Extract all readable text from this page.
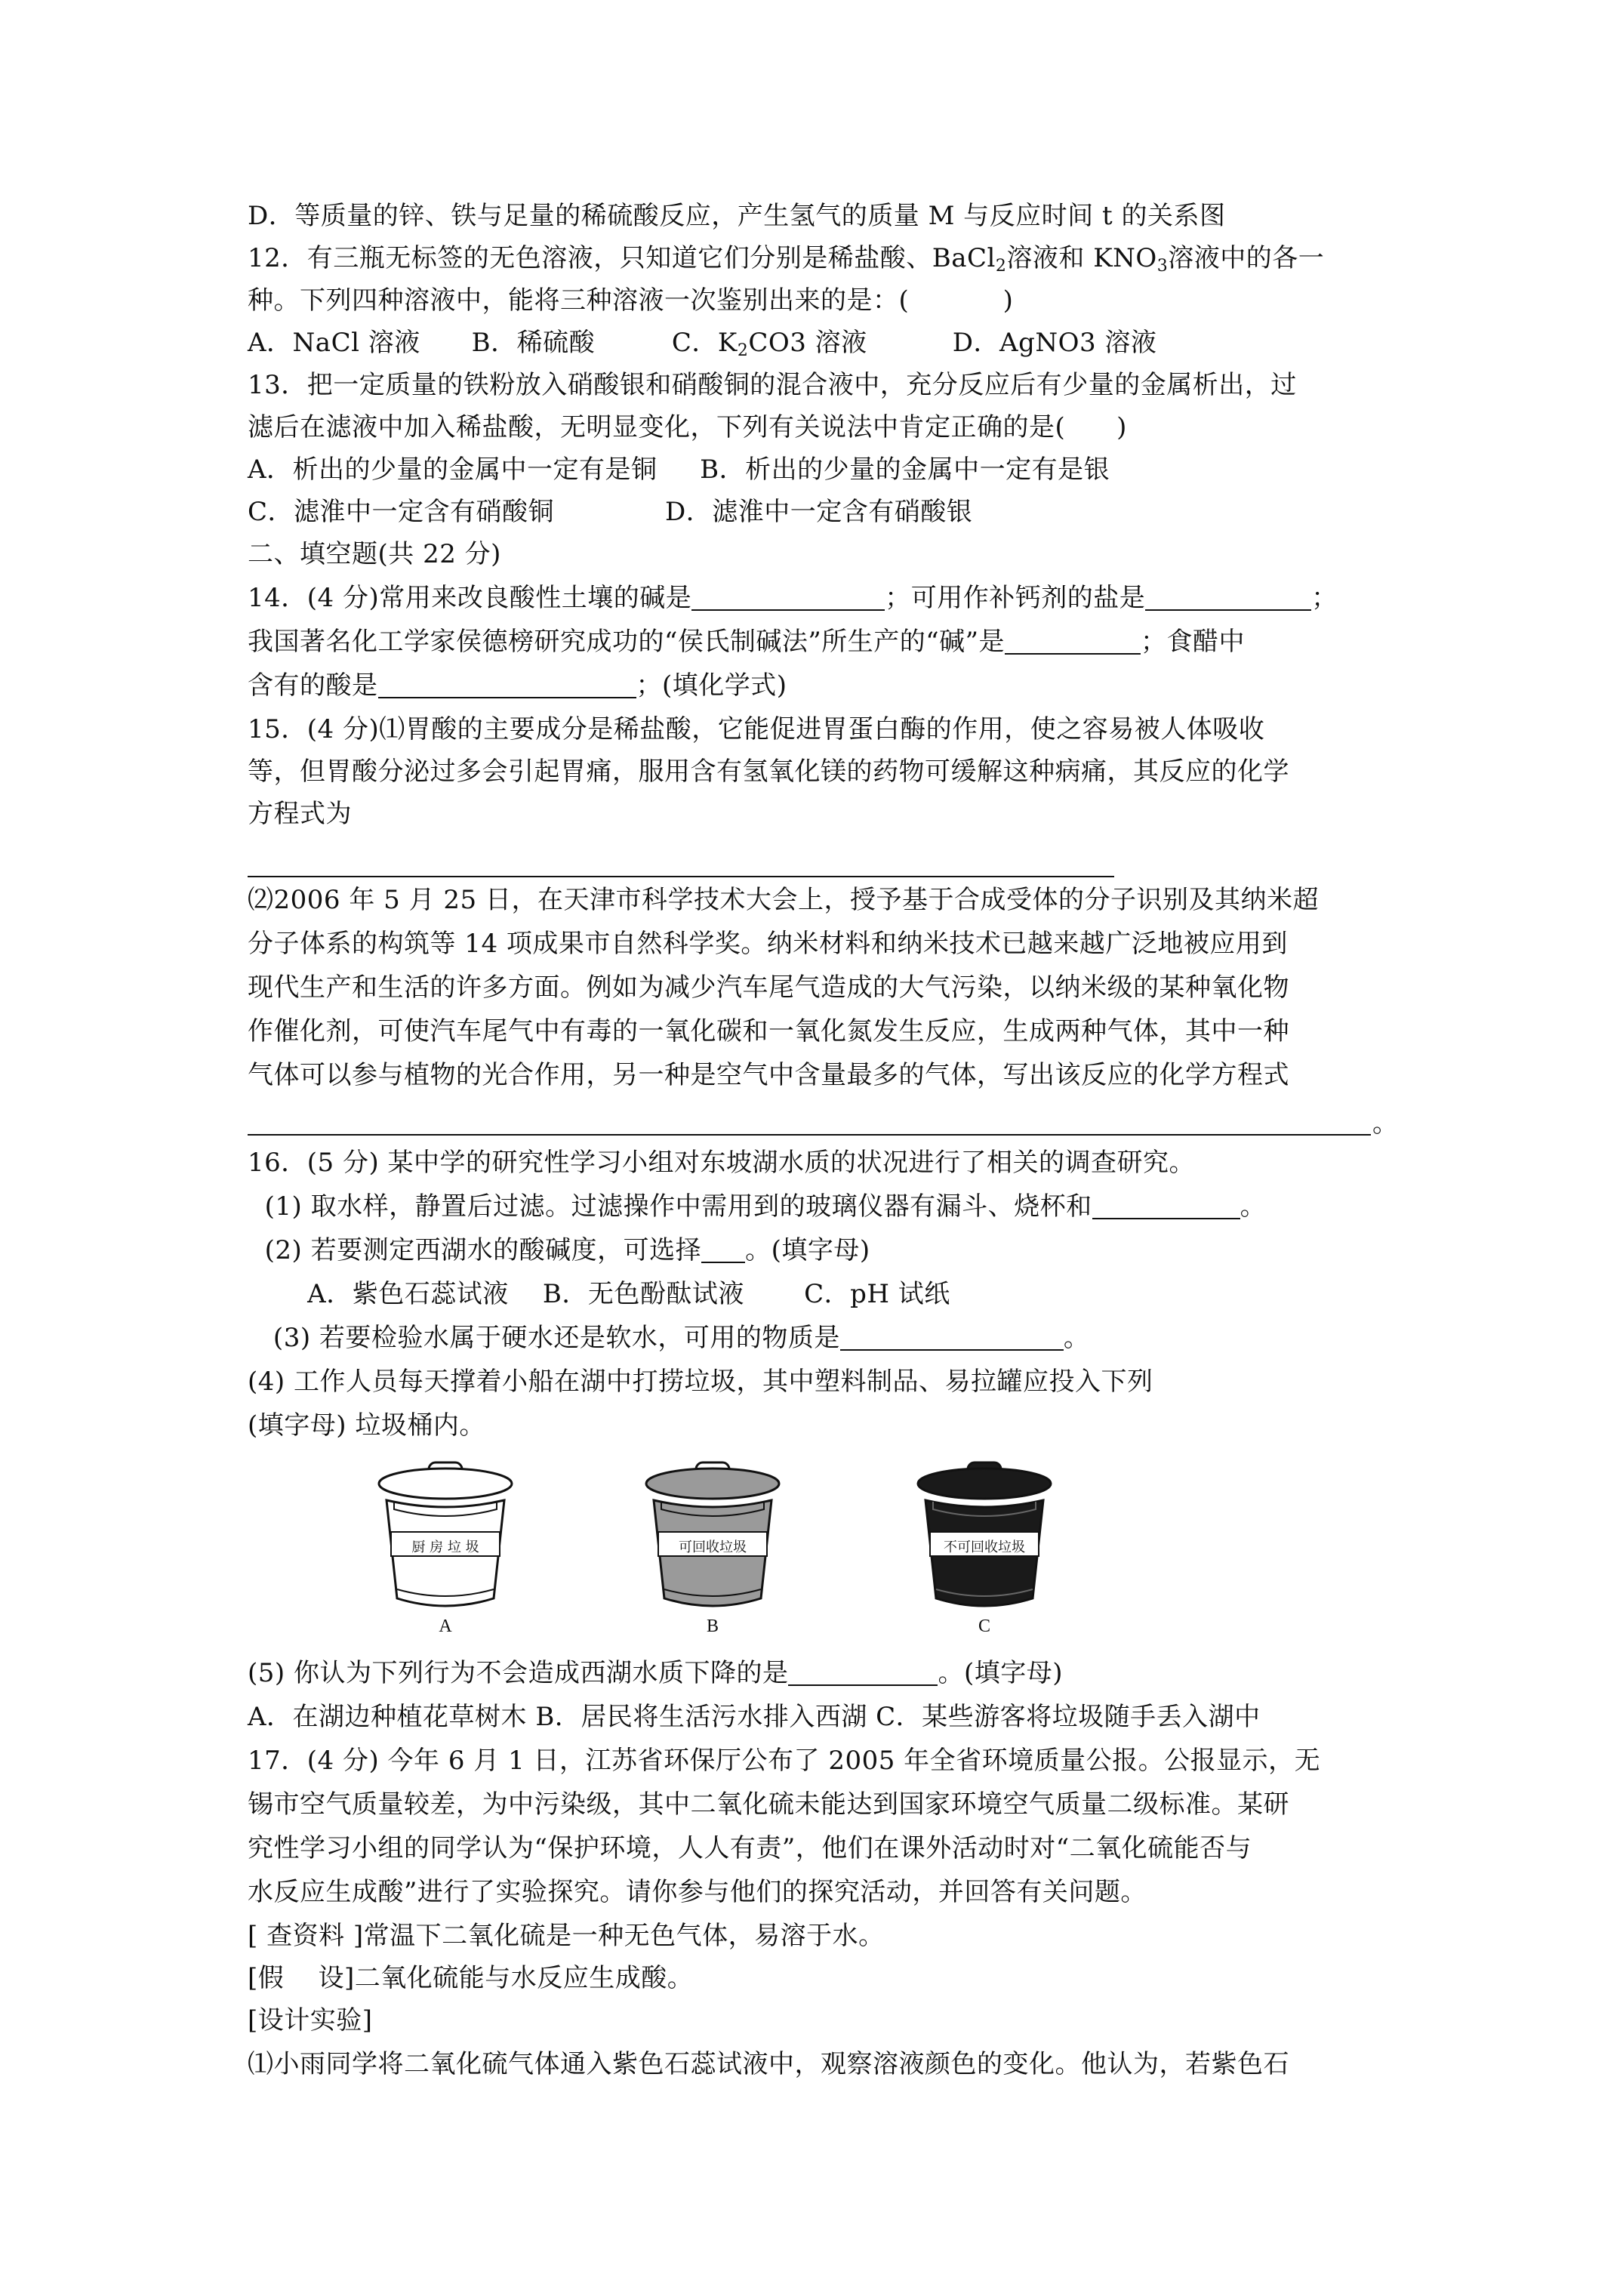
D．等质量的锌、铁与足量的稀硫酸反应，产生氢气的质量 M 与反应时间 t 的关系图
12．有三瓶无标签的无色溶液，只知道它们分别是稀盐酸、BaCl$_2$溶液和 $KNO_3$溶液中的各一
种。下列四种溶液中，能将三种溶液一次鉴别出来的是：(           )
A．NaCl 溶液 B．稀硫酸	C．$K_2CO3$ 溶液	D．AgNO3 溶液
13．把一定质量的铁粉放入硝酸银和硝酸铜的混合液中，充分反应后有少量的金属析出，过
滤后在滤液中加入稀盐酸，无明显变化，下列有关说法中肯定正确的是(      )
A．析出的少量的金属中一定有是铜     B．析出的少量的金属中一定有是银
C．滤淮中一定含有硝酸铜             D．滤淮中一定含有硝酸银
二、填空题(共 22 分)
14．(4 分)常用来改良酸性土壤的碱是	；可用作补钙剂的盐是	；
我国著名化工学家侯德榜研究成功的“侯氏制碱法”所生产的“碱”是	；食醋中
含有的酸是	；(填化学式)
15．(4 分)⑴胃酸的主要成分是稀盐酸，它能促进胃蛋白酶的作用，使之容易被人体吸收
等，但胃酸分泌过多会引起胃痛，服用含有氢氧化镁的药物可缓解这种病痛，其反应的化学
方程式为
⑵2006 年 5 月 25 日，在天津市科学技术大会上，授予基于合成受体的分子识别及其纳米超
分子体系的构筑等 14 项成果市自然科学奖。纳米材料和纳米技术已越来越广泛地被应用到
现代生产和生活的许多方面。例如为减少汽车尾气造成的大气污染，以纳米级的某种氧化物
作催化剂，可使汽车尾气中有毒的一氧化碳和一氧化氮发生反应，生成两种气体，其中一种
气体可以参与植物的光合作用，另一种是空气中含量最多的气体，写出该反应的化学方程式
。
16．(5 分) 某中学的研究性学习小组对东坡湖水质的状况进行了相关的调查研究。
(1) 取水样，静置后过滤。过滤操作中需用到的玻璃仪器有漏斗、烧杯和	。
(2) 若要测定西湖水的酸碱度，可选择 。(填字母)
A．紫色石蕊试液    B．无色酚酞试液       C．pH 试纸
(3) 若要检验水属于硬水还是软水，可用的物质是	。
(4) 工作人员每天撑着小船在湖中打捞垃圾，其中塑料制品、易拉罐应投入下列
(填字母) 垃圾桶内。
厨 房 垃 圾
A
可回收垃圾
B
不可回收垃圾
C
(5) 你认为下列行为不会造成西湖水质下降的是	。(填字母)
A．在湖边种植花草树木 B．居民将生活污水排入西湖 C．某些游客将垃圾随手丢入湖中
17．(4 分) 今年 6 月 1 日，江苏省环保厅公布了 2005 年全省环境质量公报。公报显示，无
锡市空气质量较差，为中污染级，其中二氧化硫未能达到国家环境空气质量二级标准。某研
究性学习小组的同学认为“保护环境，人人有责”，他们在课外活动时对“二氧化硫能否与
水反应生成酸”进行了实验探究。请你参与他们的探究活动，并回答有关问题。
[ 查资料 ]常温下二氧化硫是一种无色气体，易溶于水。
[假    设]二氧化硫能与水反应生成酸。
[设计实验]
⑴小雨同学将二氧化硫气体通入紫色石蕊试液中，观察溶液颜色的变化。他认为，若紫色石
